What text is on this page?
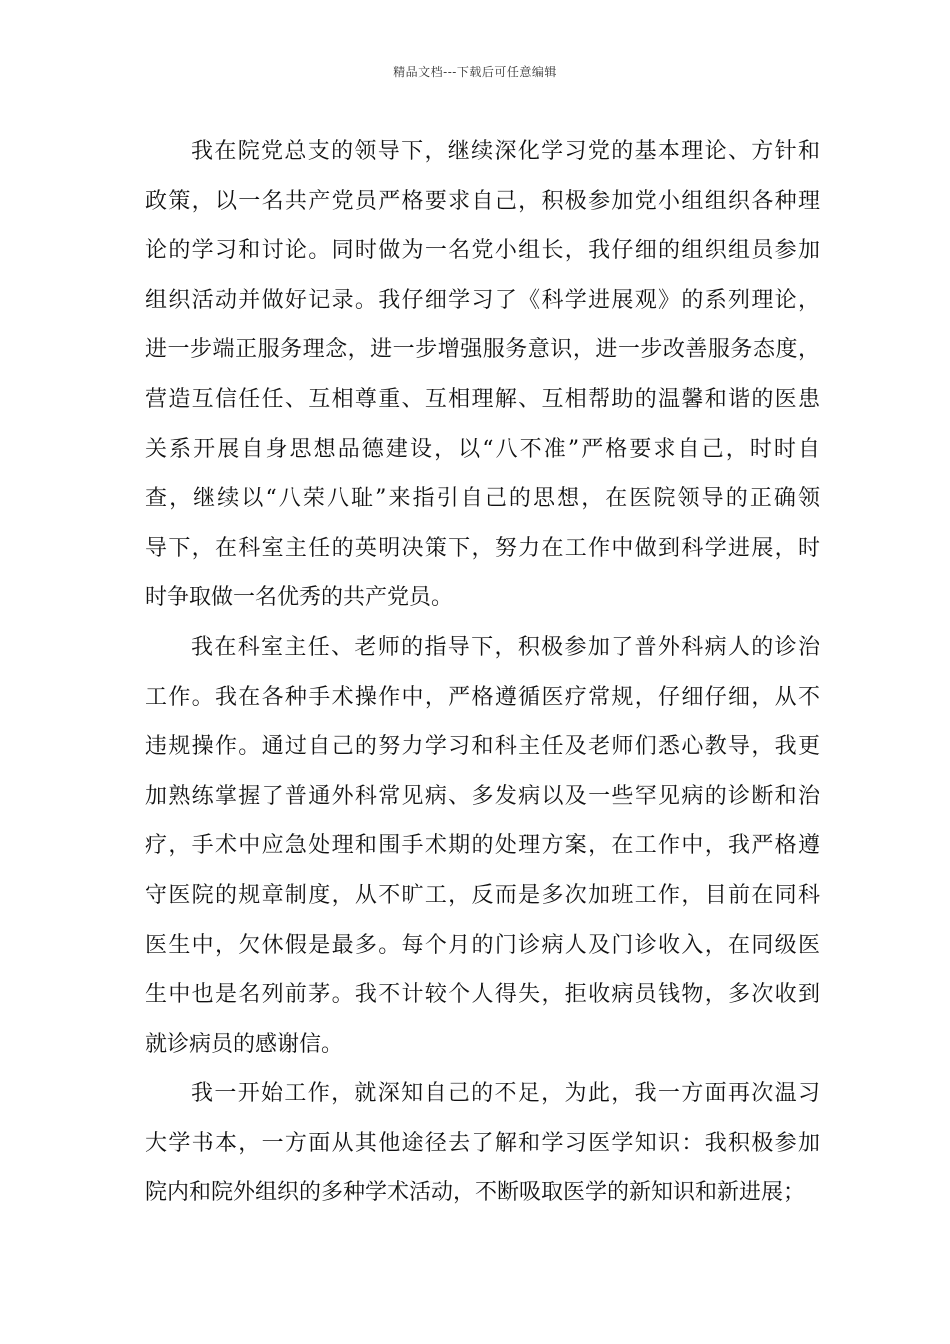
精品文档---下载后可任意编辑
我在院党总支的领导下，继续深化学习党的基本理论、方针和
政策，以一名共产党员严格要求自己，积极参加党小组组织各种理
论的学习和讨论。同时做为一名党小组长，我仔细的组织组员参加
组织活动并做好记录。我仔细学习了《科学进展观》的系列理论，
进一步端正服务理念，进一步增强服务意识，进一步改善服务态度，
营造互信任任、互相尊重、互相理解、互相帮助的温馨和谐的医患
关系开展自身思想品德建设，以“八不准”严格要求自己，时时自
查，继续以“八荣八耻”来指引自己的思想，在医院领导的正确领
导下，在科室主任的英明决策下，努力在工作中做到科学进展，时
时争取做一名优秀的共产党员。
我在科室主任、老师的指导下，积极参加了普外科病人的诊治
工作。我在各种手术操作中，严格遵循医疗常规，仔细仔细，从不
违规操作。通过自己的努力学习和科主任及老师们悉心教导，我更
加熟练掌握了普通外科常见病、多发病以及一些罕见病的诊断和治
疗，手术中应急处理和围手术期的处理方案，在工作中，我严格遵
守医院的规章制度，从不旷工，反而是多次加班工作，目前在同科
医生中，欠休假是最多。每个月的门诊病人及门诊收入，在同级医
生中也是名列前茅。我不计较个人得失，拒收病员钱物，多次收到
就诊病员的感谢信。
我一开始工作，就深知自己的不足，为此，我一方面再次温习
大学书本，一方面从其他途径去了解和学习医学知识：我积极参加
院内和院外组织的多种学术活动，不断吸取医学的新知识和新进展；
